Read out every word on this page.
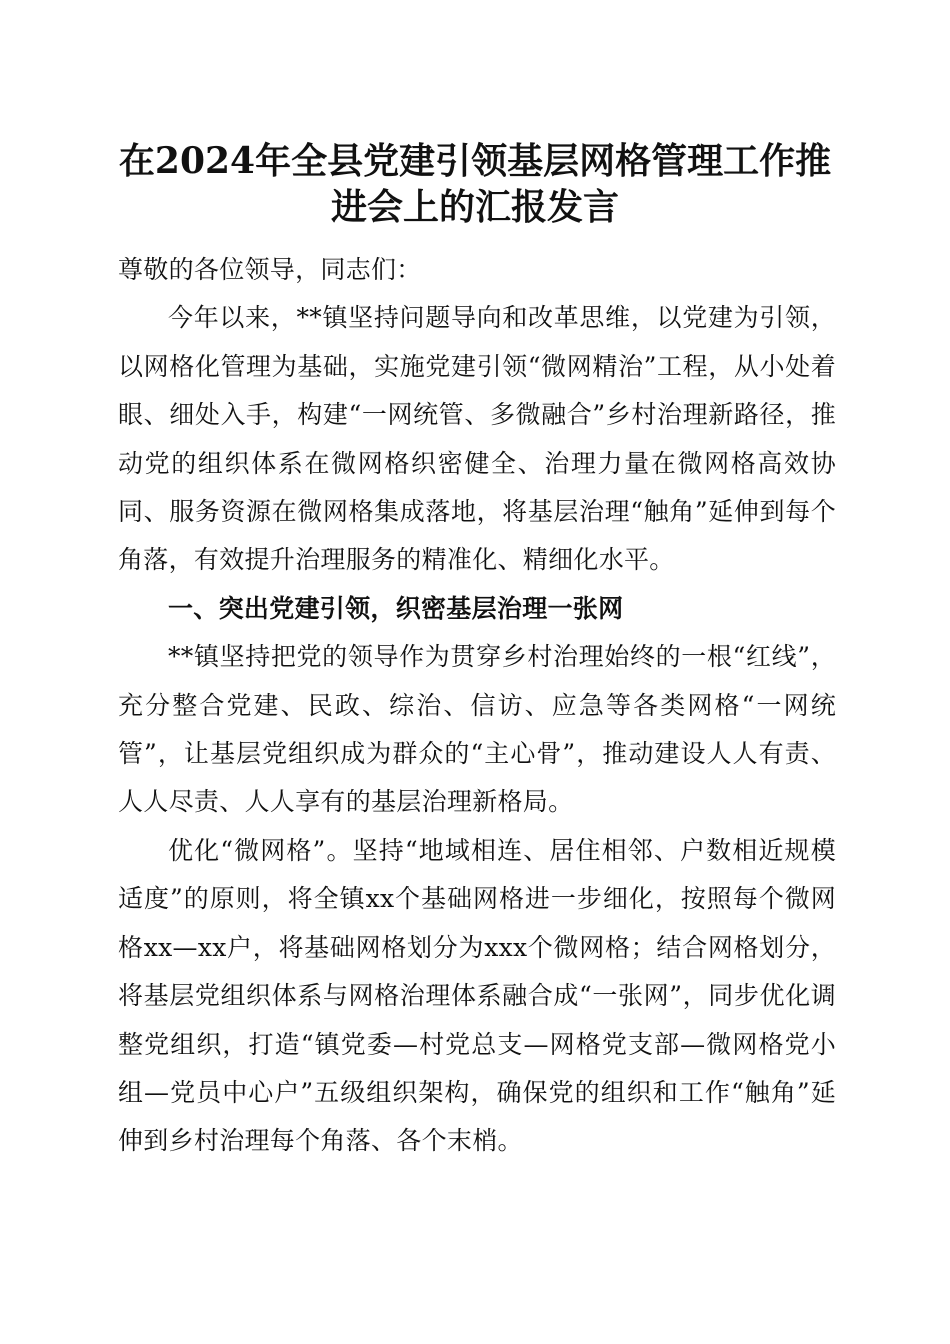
在2024年全县党建引领基层网格管理工作推
进会上的汇报发言

尊敬的各位领导，同志们：

今年以来，**镇坚持问题导向和改革思维，以党建为引领，以网格化管理为基础，实施党建引领“微网精治”工程，从小处着眼、细处入手，构建“一网统管、多微融合”乡村治理新路径，推动党的组织体系在微网格织密健全、治理力量在微网格高效协同、服务资源在微网格集成落地，将基层治理“触角”延伸到每个角落，有效提升治理服务的精准化、精细化水平。

一、突出党建引领，织密基层治理一张网

**镇坚持把党的领导作为贯穿乡村治理始终的一根“红线”，充分整合党建、民政、综治、信访、应急等各类网格“一网统管”，让基层党组织成为群众的“主心骨”，推动建设人人有责、人人尽责、人人享有的基层治理新格局。

优化“微网格”。坚持“地域相连、居住相邻、户数相近规模适度”的原则，将全镇xx个基础网格进一步细化，按照每个微网格xx—xx户，将基础网格划分为xxx个微网格；结合网格划分，将基层党组织体系与网格治理体系融合成“一张网”，同步优化调整党组织，打造“镇党委—村党总支—网格党支部—微网格党小组—党员中心户”五级组织架构，确保党的组织和工作“触角”延伸到乡村治理每个角落、各个末梢。
